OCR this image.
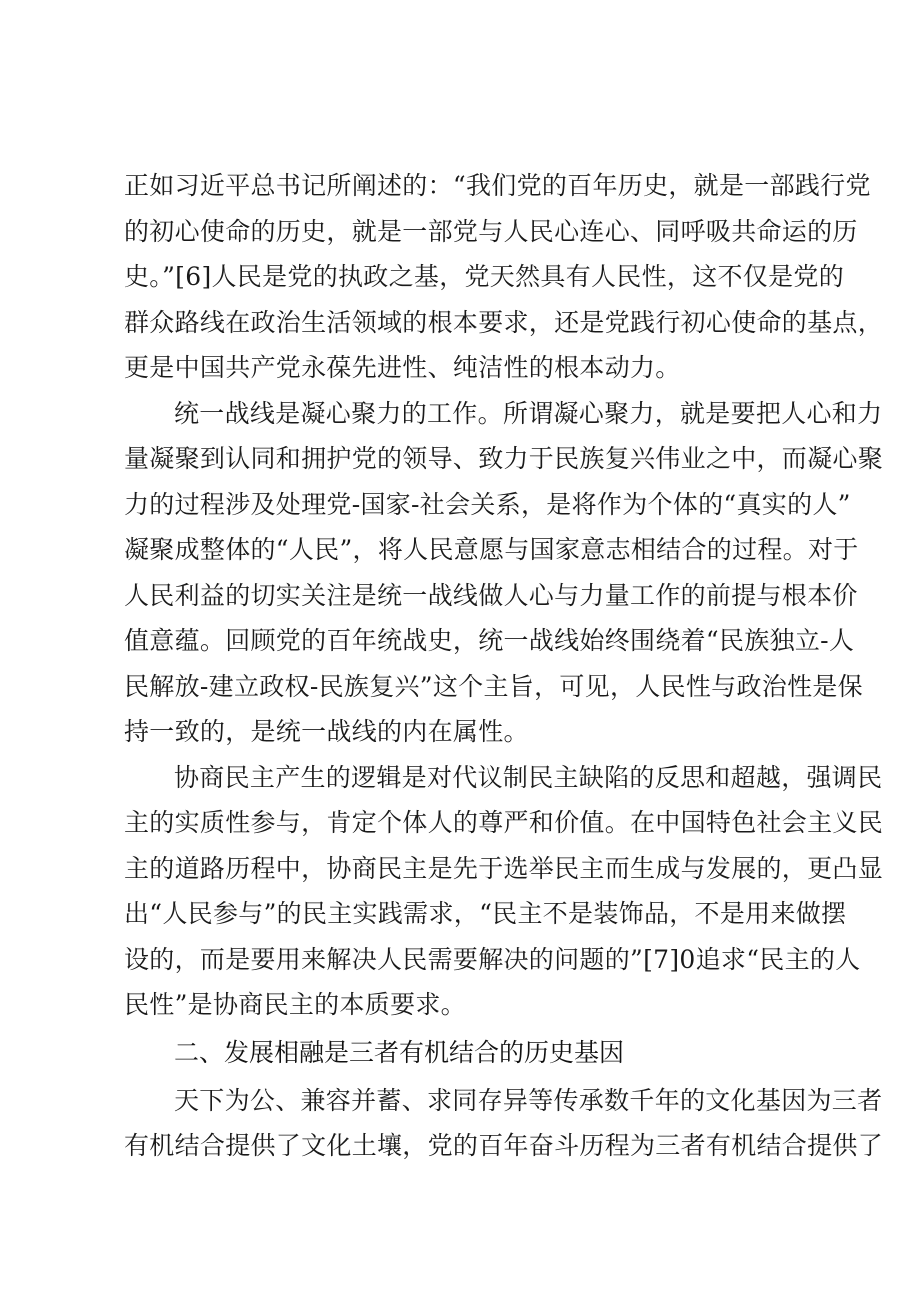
正如习近平总书记所阐述的：“我们党的百年历史，就是一部践行党
的初心使命的历史，就是一部党与人民心连心、同呼吸共命运的历
史。”[6]人民是党的执政之基，党天然具有人民性，这不仅是党的
群众路线在政治生活领域的根本要求，还是党践行初心使命的基点，
更是中国共产党永葆先进性、纯洁性的根本动力。

统一战线是凝心聚力的工作。所谓凝心聚力，就是要把人心和力
量凝聚到认同和拥护党的领导、致力于民族复兴伟业之中，而凝心聚
力的过程涉及处理党-国家-社会关系，是将作为个体的“真实的人”
凝聚成整体的“人民”，将人民意愿与国家意志相结合的过程。对于
人民利益的切实关注是统一战线做人心与力量工作的前提与根本价
值意蕴。回顾党的百年统战史，统一战线始终围绕着“民族独立-人
民解放-建立政权-民族复兴”这个主旨，可见，人民性与政治性是保
持一致的，是统一战线的内在属性。

协商民主产生的逻辑是对代议制民主缺陷的反思和超越，强调民
主的实质性参与，肯定个体人的尊严和价值。在中国特色社会主义民
主的道路历程中，协商民主是先于选举民主而生成与发展的，更凸显
出“人民参与”的民主实践需求，“民主不是装饰品，不是用来做摆
设的，而是要用来解决人民需要解决的问题的”[7]0追求“民主的人
民性”是协商民主的本质要求。

二、发展相融是三者有机结合的历史基因

天下为公、兼容并蓄、求同存异等传承数千年的文化基因为三者
有机结合提供了文化土壤，党的百年奋斗历程为三者有机结合提供了
